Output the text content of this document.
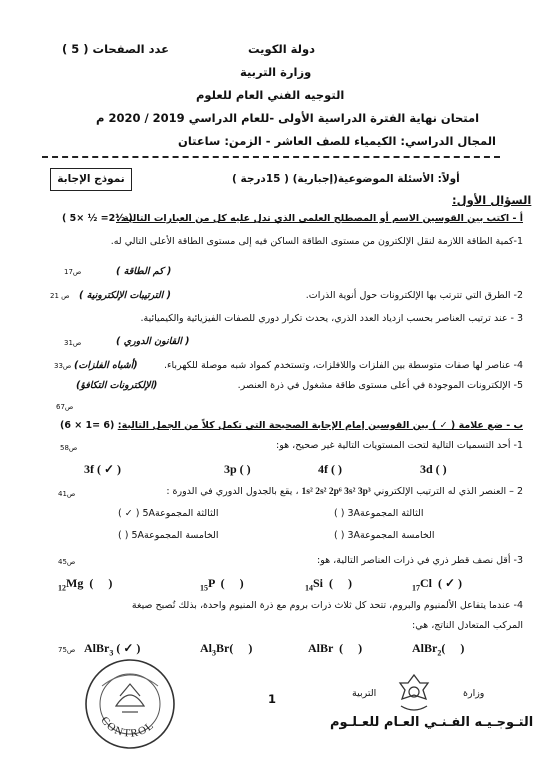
عدد الصفحات ( 5 )	دولة الكويت
وزارة التربية
التوجيه الفني العام للعلوم
امتحان نهاية الفترة الدراسية الأولى -للعام الدراسي 2019 / 2020 م
المجال الدراسي: الكيمياء للصف العاشر - الزمن: ساعتان
نموذج الإجابة	أولاً: الأسئلة الموضوعية(إجبارية) ( 15درجة )
السؤال الأول:
أ - اكتب بين القوسين الاسم أو المصطلح العلمي الذي تدل عليه كل من العبارات التالية :
( 5× ½ =2½ )
1-كمية الطاقة اللازمة لنقل الإلكترون من مستوى الطاقة الساكن فيه إلى مستوى الطاقة الأعلى التالي له.
( كم الطاقة )
ص17
2- الطرق التي تترتب بها الإلكترونات حول أنوية الذرات.
( الترتيبات الإلكترونية )
ص 21
3 - عند ترتيب العناصر بحسب ازدياد العدد الذري، يحدث تكرار دوري للصفات الفيزيائية والكيميائية.
( القانون الدوري )
ص31
4- عناصر لها صفات متوسطة بين الفلزات واللافلزات، وتستخدم كمواد شبه موصلة للكهرباء.
(أشباه الفلزات)
ص33
5- الإلكترونات الموجودة في أعلى مستوى طاقة مشغول في ذرة العنصر.
(الإلكترونات التكافؤ)
ص67
ب - ضع علامة ( ✓ ) بين القوسين إمام الإجابة الصحيحة التي تكمل كلاً من الجمل التالية:
(6 × 1= 6)
1- أحد التسميات التالية لتحت المستويات التالية غير صحيح، هو:
ص58
3f ( ✓ )	3p ( )	4f ( )	3d ( )
2 – العنصر الذي له الترتيب الإلكتروني 1s² 2s² 2p⁶ 3s² 3p³ ، يقع بالجدول الدوري في الدورة :
ص41
الثالثة المجموعة3A ( )
الثالثة المجموعة5A ( ✓ )
الخامسة المجموعة3A ( )
الخامسة المجموعة5A ( )
3- أقل نصف قطر ذري في ذرات العناصر التالية، هو:
ص45
$_{12}$Mg  (     )	$_{15}$P  (     )	$_{14}$Si  (     )	$_{17}$Cl  ( ✓ )
4- عندما يتفاعل الألمنيوم والبروم، تتحد كل ثلاث ذرات بروم مع ذرة المنيوم واحدة، بذلك تُصبح صيغة
المركب المتعادل الناتج، هي:
ص75 AlBr$_3$ ( ✓ )	$Al_3Br$(     )	AlBr  (     )	AlBr$_2$(     )
CONTROL
1	وزارة
التربية
التـوجـيـه الفـنـي العـام للعـلـوم
